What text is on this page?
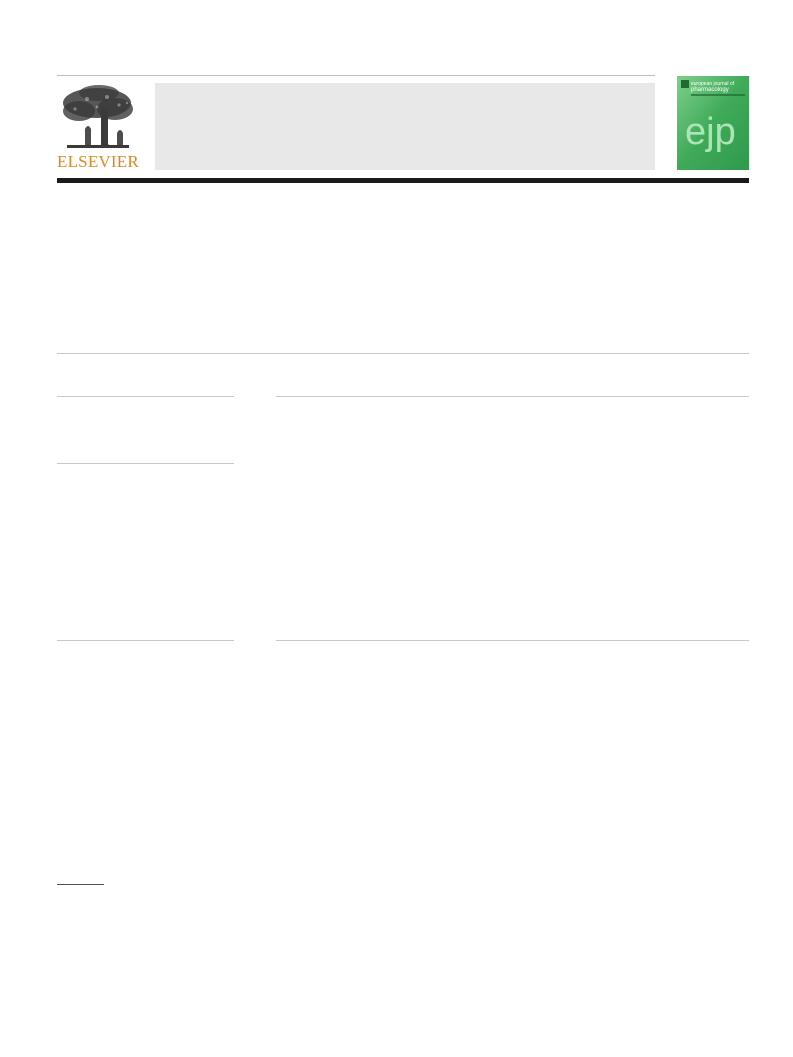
ELSEVIER
european journal of
pharmacology
ejp
